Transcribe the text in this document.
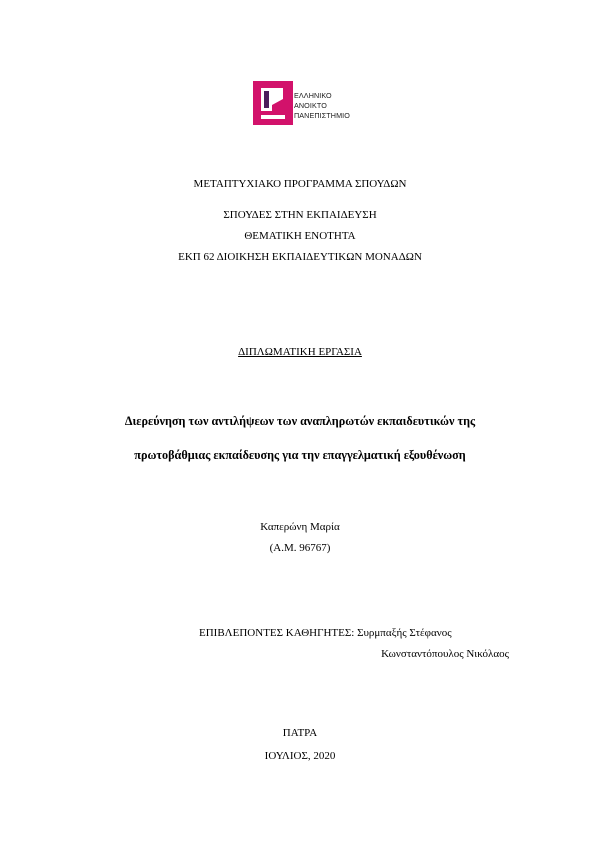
ΕΛΛΗΝΙΚΟ
ΑΝΟΙΚΤΟ
ΠΑΝΕΠΙΣΤΗΜΙΟ

ΜΕΤΑΠΤΥΧΙΑΚΟ ΠΡΟΓΡΑΜΜΑ ΣΠΟΥΔΩΝ

ΣΠΟΥΔΕΣ ΣΤΗΝ ΕΚΠΑΙΔΕΥΣΗ

ΘΕΜΑΤΙΚΗ ΕΝΟΤΗΤΑ

ΕΚΠ 62 ΔΙΟΙΚΗΣΗ ΕΚΠΑΙΔΕΥΤΙΚΩΝ ΜΟΝΑΔΩΝ

ΔΙΠΛΩΜΑΤΙΚΗ ΕΡΓΑΣΙΑ

Διερεύνηση των αντιλήψεων των αναπληρωτών εκπαιδευτικών της

πρωτοβάθμιας εκπαίδευσης για την επαγγελματική εξουθένωση

Καπερώνη Μαρία

(Α.Μ. 96767)

ΕΠΙΒΛΕΠΟΝΤΕΣ ΚΑΘΗΓΗΤΕΣ: Συρμπαξής Στέφανος
Κωνσταντόπουλος Νικόλαος

ΠΑΤΡΑ

ΙΟΥΛΙΟΣ, 2020
